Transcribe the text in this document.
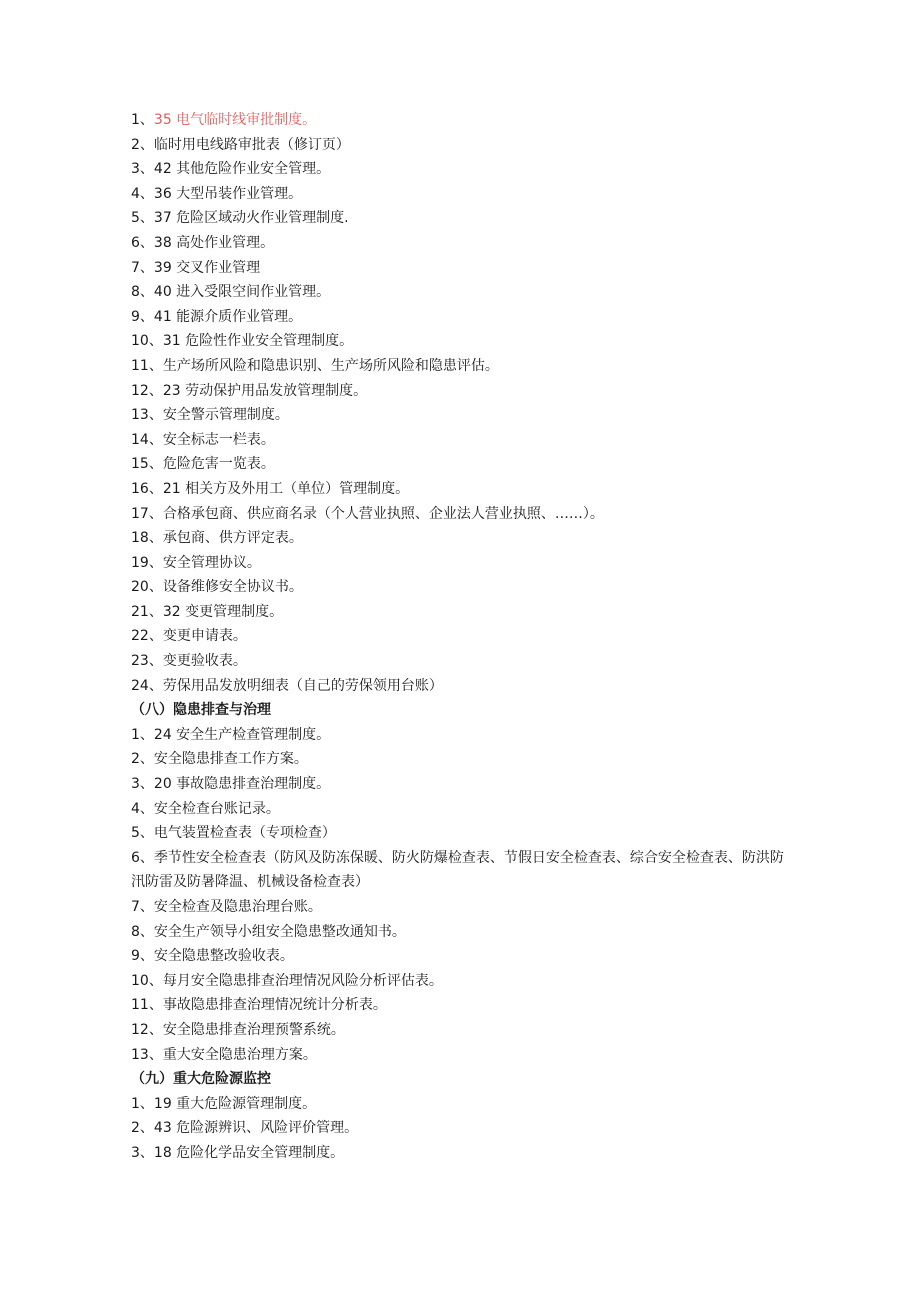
1、35 电气临时线审批制度。
2、临时用电线路审批表（修订页）
3、42 其他危险作业安全管理。
4、36 大型吊装作业管理。
5、37 危险区域动火作业管理制度.
6、38 高处作业管理。
7、39 交叉作业管理
8、40 进入受限空间作业管理。
9、41 能源介质作业管理。
10、31 危险性作业安全管理制度。
11、生产场所风险和隐患识别、生产场所风险和隐患评估。
12、23 劳动保护用品发放管理制度。
13、安全警示管理制度。
14、安全标志一栏表。
15、危险危害一览表。
16、21 相关方及外用工（单位）管理制度。
17、合格承包商、供应商名录（个人营业执照、企业法人营业执照、……）。
18、承包商、供方评定表。
19、安全管理协议。
20、设备维修安全协议书。
21、32 变更管理制度。
22、变更申请表。
23、变更验收表。
24、劳保用品发放明细表（自己的劳保领用台账）
（八）隐患排查与治理
1、24 安全生产检查管理制度。
2、安全隐患排查工作方案。
3、20 事故隐患排查治理制度。
4、安全检查台账记录。
5、电气装置检查表（专项检查）
6、季节性安全检查表（防风及防冻保暖、防火防爆检查表、节假日安全检查表、综合安全检查表、防洪防汛防雷及防暑降温、机械设备检查表）
7、安全检查及隐患治理台账。
8、安全生产领导小组安全隐患整改通知书。
9、安全隐患整改验收表。
10、每月安全隐患排查治理情况风险分析评估表。
11、事故隐患排查治理情况统计分析表。
12、安全隐患排查治理预警系统。
13、重大安全隐患治理方案。
（九）重大危险源监控
1、19 重大危险源管理制度。
2、43 危险源辨识、风险评价管理。
3、18 危险化学品安全管理制度。
